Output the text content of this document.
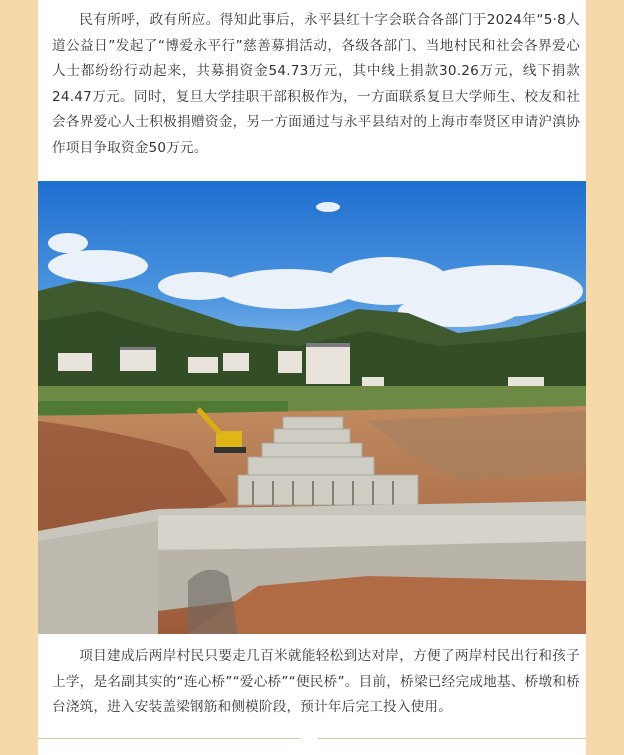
民有所呼，政有所应。得知此事后，永平县红十字会联合各部门于2024年“5·8人道公益日”发起了“博爱永平行”慈善募捐活动，各级各部门、当地村民和社会各界爱心人士都纷纷行动起来，共募捐资金54.73万元，其中线上捐款30.26万元，线下捐款24.47万元。同时，复旦大学挂职干部积极作为，一方面联系复旦大学师生、校友和社会各界爱心人士积极捐赠资金，另一方面通过与永平县结对的上海市奉贤区申请沪滇协作项目争取资金50万元。

项目建成后两岸村民只要走几百米就能轻松到达对岸，方便了两岸村民出行和孩子上学，是名副其实的“连心桥”“爱心桥”“便民桥”。目前，桥梁已经完成地基、桥墩和桥台浇筑，进入安装盖梁钢筋和侧模阶段，预计年后完工投入使用。
